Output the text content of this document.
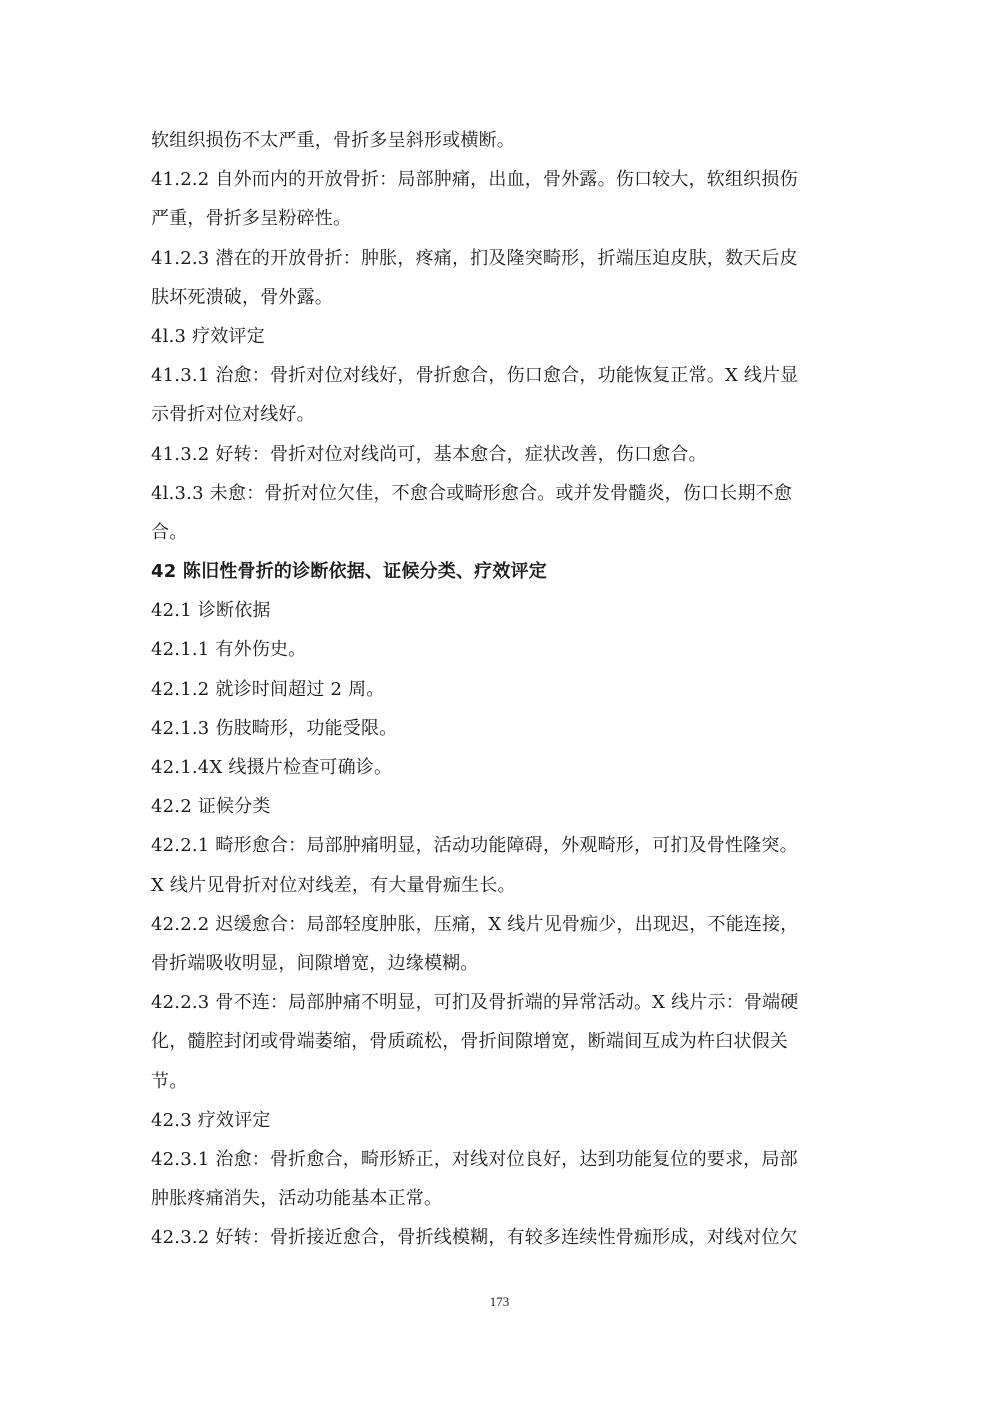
软组织损伤不太严重，骨折多呈斜形或横断。
41.2.2 自外而内的开放骨折：局部肿痛，出血，骨外露。伤口较大，软组织损伤
严重，骨折多呈粉碎性。
41.2.3 潜在的开放骨折：肿胀，疼痛，扪及隆突畸形，折端压迫皮肤，数天后皮
肤坏死溃破，骨外露。
4l.3 疗效评定
41.3.1 治愈：骨折对位对线好，骨折愈合，伤口愈合，功能恢复正常。X 线片显
示骨折对位对线好。
41.3.2 好转：骨折对位对线尚可，基本愈合，症状改善，伤口愈合。
4l.3.3 未愈：骨折对位欠佳，不愈合或畸形愈合。或并发骨髓炎，伤口长期不愈
合。
42 陈旧性骨折的诊断依据、证候分类、疗效评定
42.1 诊断依据
42.1.1 有外伤史。
42.1.2 就诊时间超过 2 周。
42.1.3 伤肢畸形，功能受限。
42.1.4X 线摄片检查可确诊。
42.2 证候分类
42.2.1 畸形愈合：局部肿痛明显，活动功能障碍，外观畸形，可扪及骨性隆突。
X 线片见骨折对位对线差，有大量骨痂生长。
42.2.2 迟缓愈合：局部轻度肿胀，压痛，X 线片见骨痂少，出现迟，不能连接，
骨折端吸收明显，间隙增宽，边缘模糊。
42.2.3 骨不连：局部肿痛不明显，可扪及骨折端的异常活动。X 线片示：骨端硬
化，髓腔封闭或骨端萎缩，骨质疏松，骨折间隙增宽，断端间互成为杵臼状假关
节。
42.3 疗效评定
42.3.1 治愈：骨折愈合，畸形矫正，对线对位良好，达到功能复位的要求，局部
肿胀疼痛消失，活动功能基本正常。
42.3.2 好转：骨折接近愈合，骨折线模糊，有较多连续性骨痂形成，对线对位欠
173
